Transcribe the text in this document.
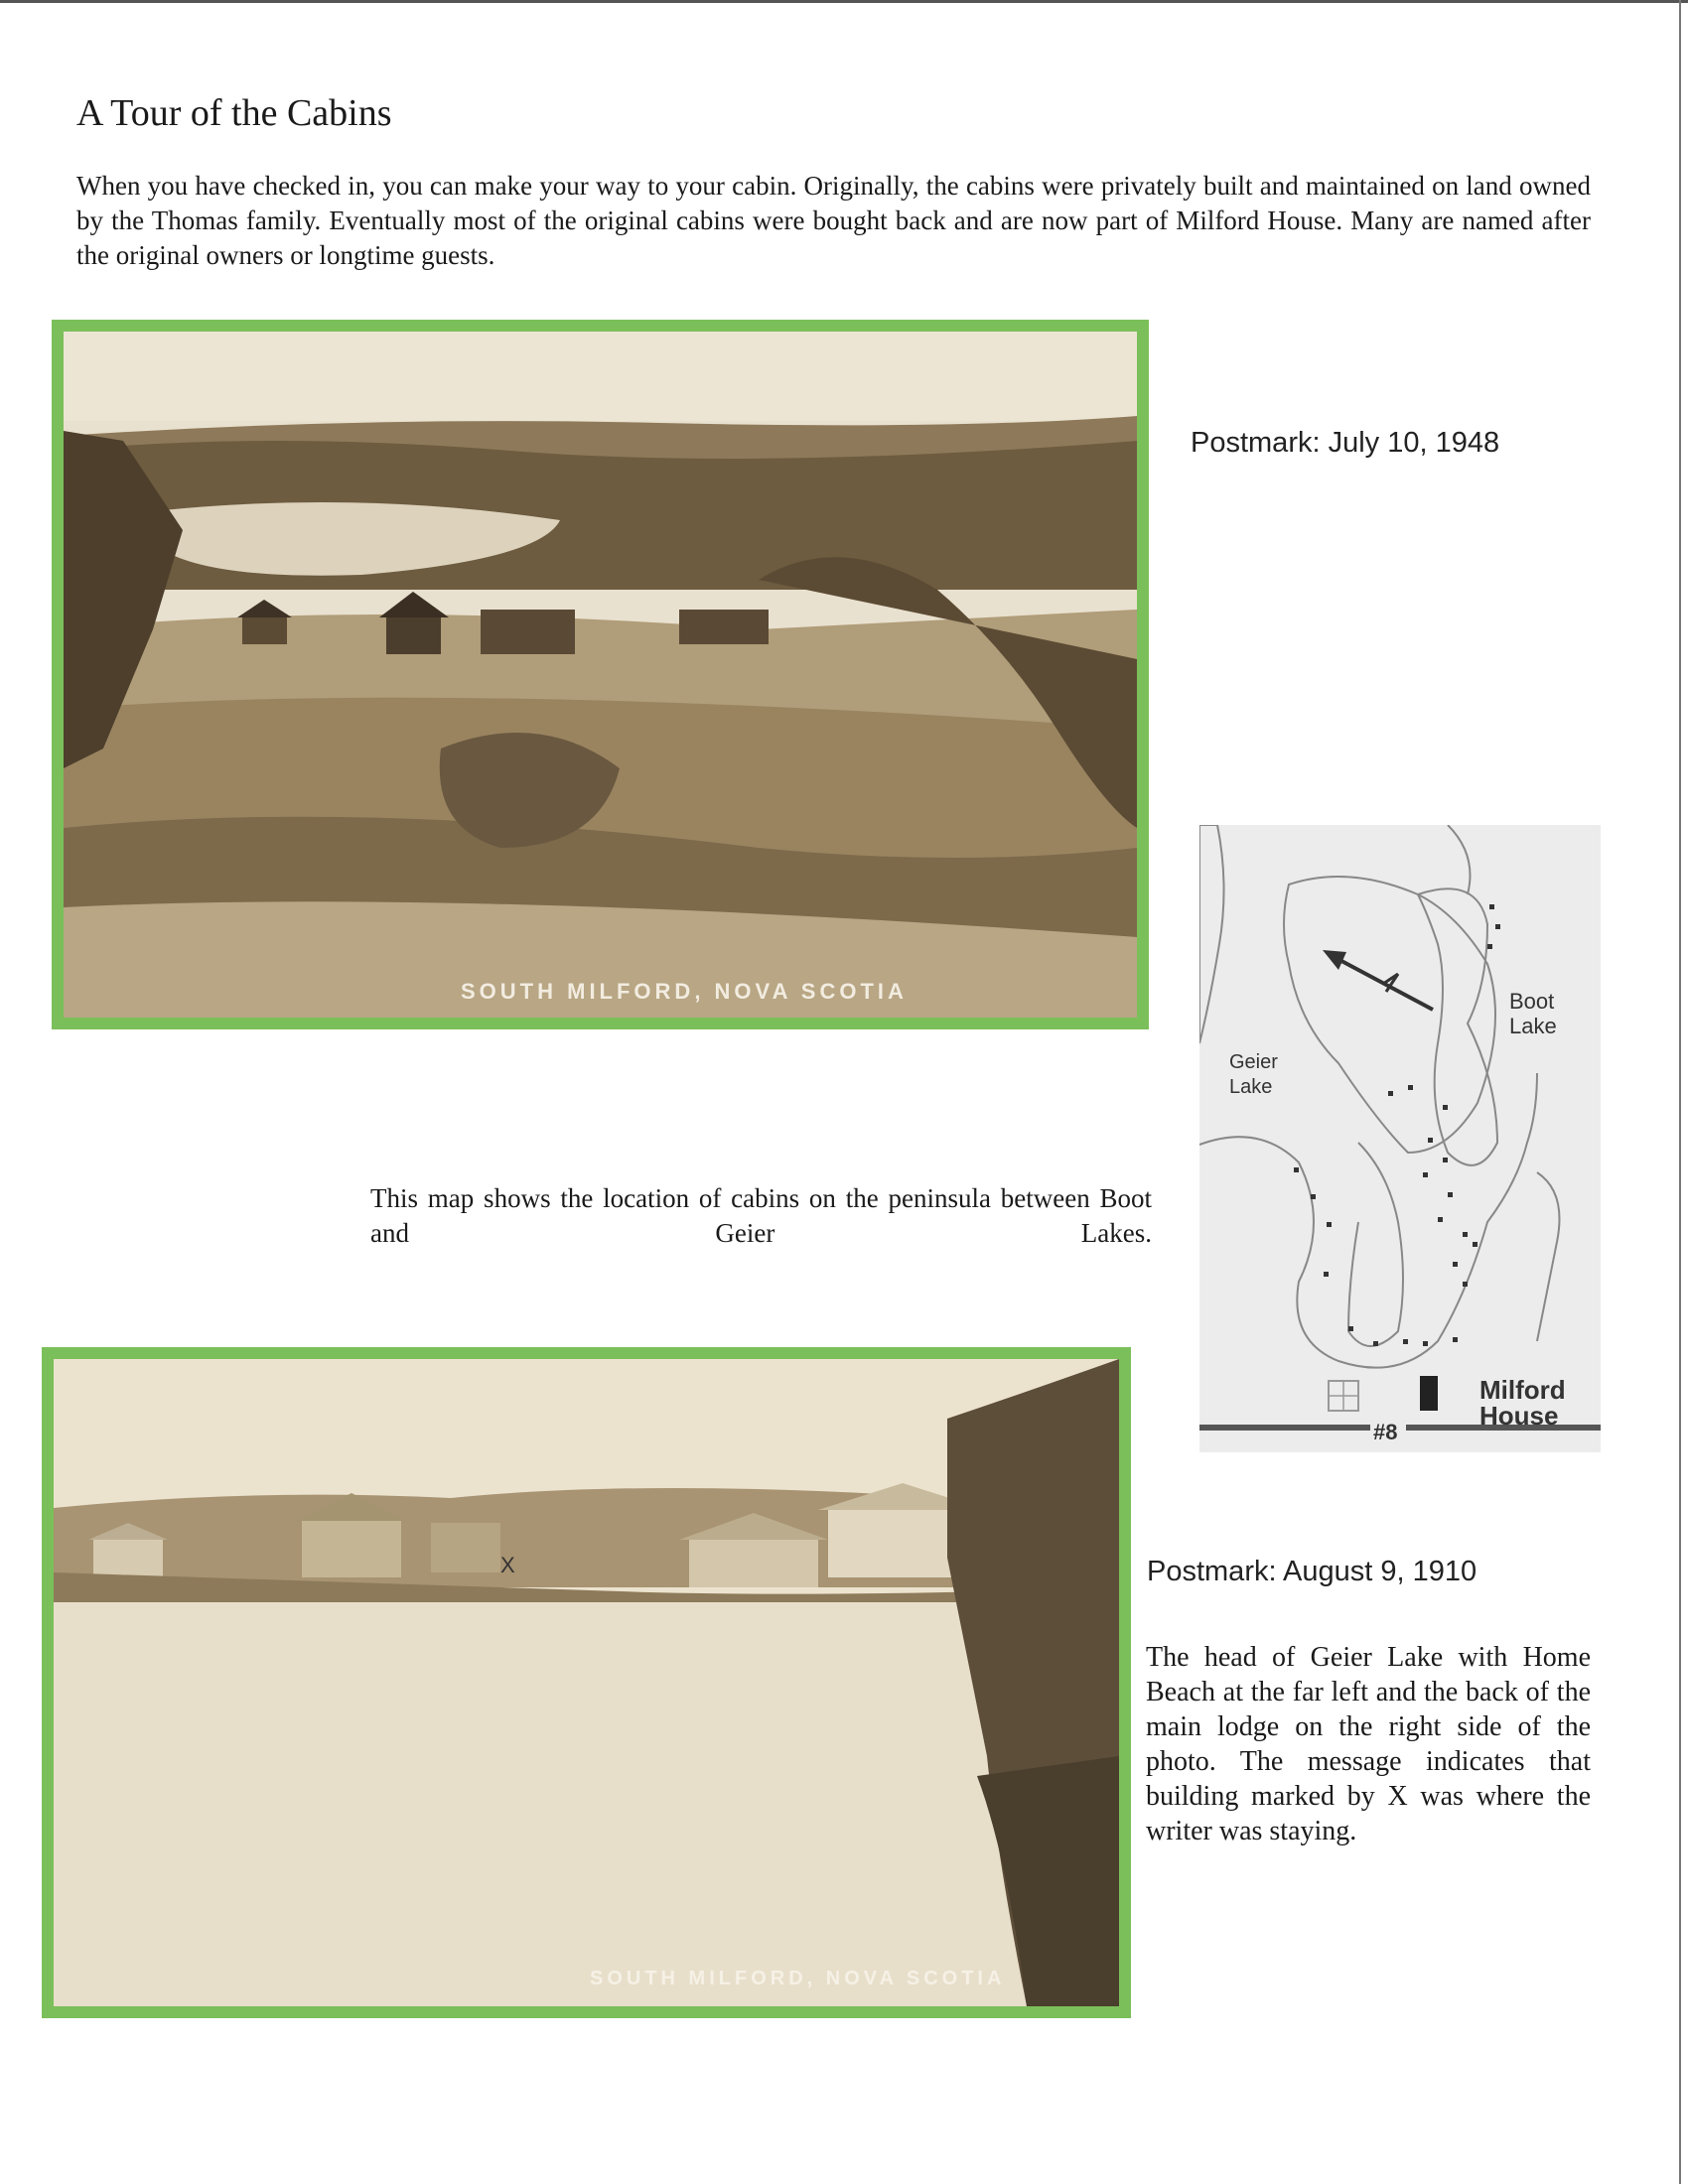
A Tour of the Cabins

When you have checked in, you can make your way to your cabin. Originally, the cabins were privately built and maintained on land owned by the Thomas family. Eventually most of the original cabins were bought back and are now part of Milford House. Many are named after the original owners or longtime guests.

SOUTH MILFORD, NOVA SCOTIA
Postmark: July 10, 1948
Boot
Lake
Geier
Lake
Milford
House
#8

This map shows the location of cabins on the peninsula between Boot and Geier Lakes.

X
SOUTH MILFORD, NOVA SCOTIA
Postmark: August 9, 1910

The head of Geier Lake with Home Beach at the far left and the back of the main lodge on the right side of the photo. The message indicates that building marked by X was where the writer was staying.
